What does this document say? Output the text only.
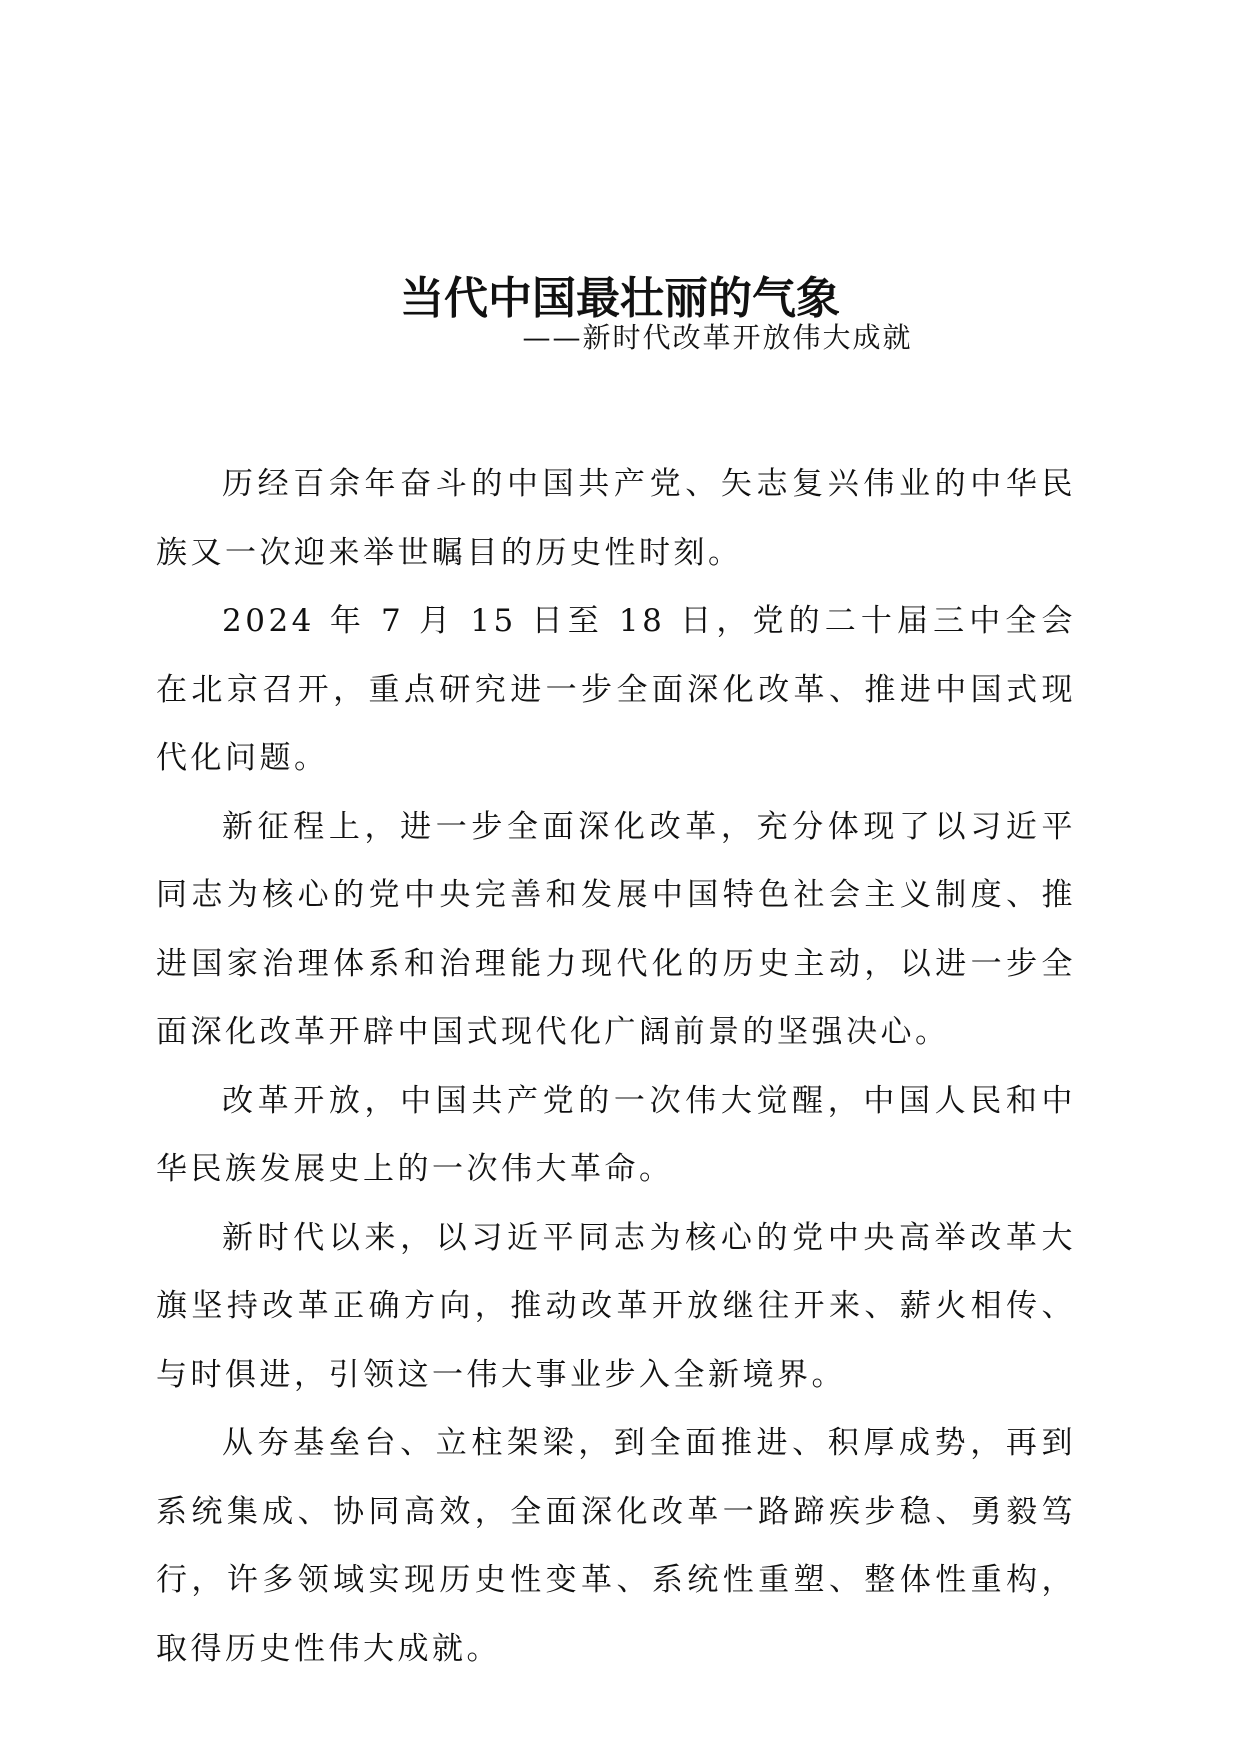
当代中国最壮丽的气象
——新时代改革开放伟大成就

历经百余年奋斗的中国共产党、矢志复兴伟业的中华民族又一次迎来举世瞩目的历史性时刻。

2024 年 7 月 15 日至 18 日，党的二十届三中全会在北京召开，重点研究进一步全面深化改革、推进中国式现代化问题。

新征程上，进一步全面深化改革，充分体现了以习近平同志为核心的党中央完善和发展中国特色社会主义制度、推进国家治理体系和治理能力现代化的历史主动，以进一步全面深化改革开辟中国式现代化广阔前景的坚强决心。

改革开放，中国共产党的一次伟大觉醒，中国人民和中华民族发展史上的一次伟大革命。

新时代以来，以习近平同志为核心的党中央高举改革大旗坚持改革正确方向，推动改革开放继往开来、薪火相传、与时俱进，引领这一伟大事业步入全新境界。

从夯基垒台、立柱架梁，到全面推进、积厚成势，再到系统集成、协同高效，全面深化改革一路蹄疾步稳、勇毅笃行，许多领域实现历史性变革、系统性重塑、整体性重构，取得历史性伟大成就。
